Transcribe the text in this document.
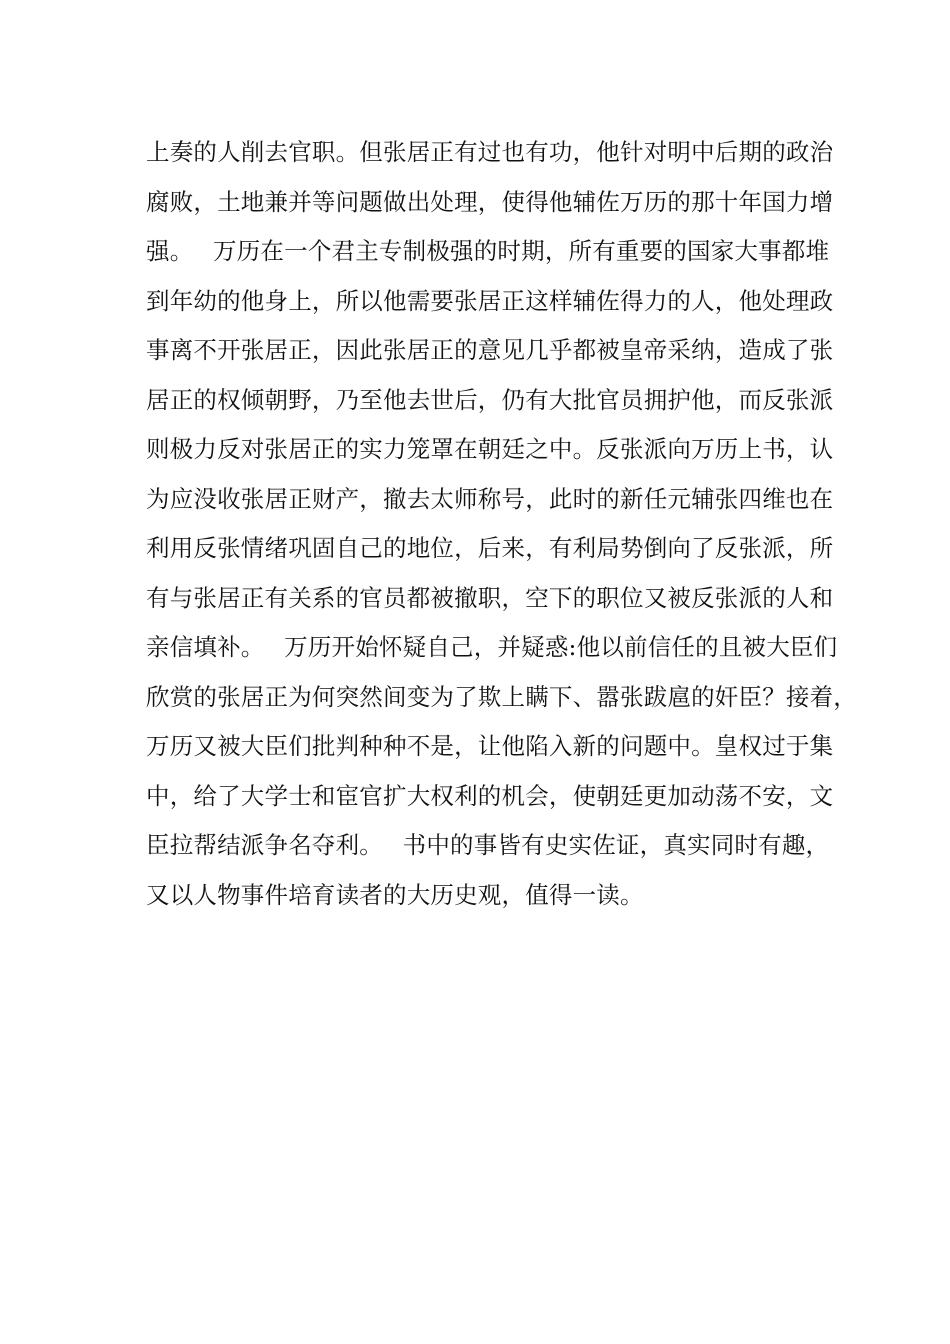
上奏的人削去官职。但张居正有过也有功，他针对明中后期的政治
腐败，土地兼并等问题做出处理，使得他辅佐万历的那十年国力增
强。　 万历在一个君主专制极强的时期，所有重要的国家大事都堆
到年幼的他身上，所以他需要张居正这样辅佐得力的人，他处理政
事离不开张居正，因此张居正的意见几乎都被皇帝采纳，造成了张
居正的权倾朝野，乃至他去世后，仍有大批官员拥护他，而反张派
则极力反对张居正的实力笼罩在朝廷之中。反张派向万历上书，认
为应没收张居正财产，撤去太师称号，此时的新任元辅张四维也在
利用反张情绪巩固自己的地位，后来，有利局势倒向了反张派，所
有与张居正有关系的官员都被撤职，空下的职位又被反张派的人和
亲信填补。　 万历开始怀疑自己，并疑惑:他以前信任的且被大臣们
欣赏的张居正为何突然间变为了欺上瞒下、嚣张跋扈的奸臣？接着，
万历又被大臣们批判种种不是，让他陷入新的问题中。皇权过于集
中，给了大学士和宦官扩大权利的机会，使朝廷更加动荡不安，文
臣拉帮结派争名夺利。　 书中的事皆有史实佐证，真实同时有趣，
又以人物事件培育读者的大历史观，值得一读。
